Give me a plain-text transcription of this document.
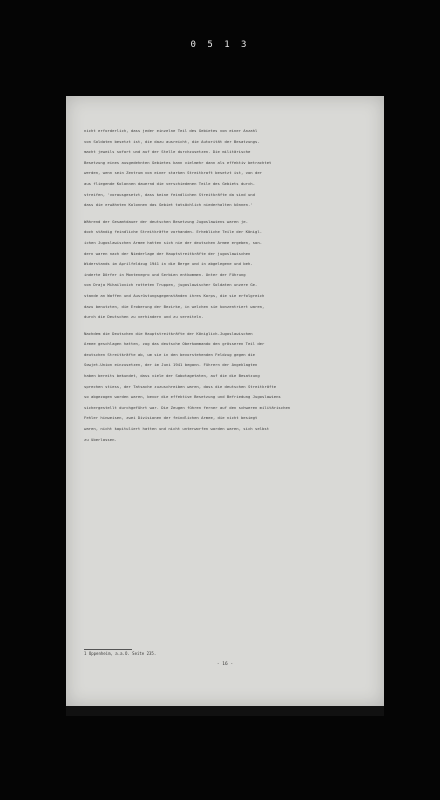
0 5 1 3
nicht erforderlich, dass jeder einzelne Teil des Gebietes von einer Anzahl
von Soldaten besetzt ist, die dazu ausreicht, die Autorität der Besatzungs-
macht jeweils sofort und auf der Stelle durchzusetzen. Die militärische
Besetzung eines ausgedehnten Gebietes kann vielmehr dann als effektiv betrachtet
werden, wenn sein Zentrum von einer starken Streitkraft besetzt ist, von der
aus fliegende Kolonnen dauernd die verschiedenen Teile des Gebiets durch-
streifen, 'vorausgesetzt, dass keine feindlichen Streitkräfte da sind und
dass die erwähnten Kolonnen das Gebiet tatsächlich niederhalten können.'
Während der Gesamtdauer der deutschen Besetzung Jugoslawiens waren je-
doch ständig feindliche Streitkräfte vorhanden. Erhebliche Teile der Königl-
ichen Jugoslawischen Armee hatten sich nie der deutschen Armee ergeben, son-
dern waren nach der Niederlage der Hauptstreitkräfte der jugoslawischen
Widerstands im Aprilfeldzug 1941 in die Berge und in abgelegene und beh-
inderte Dörfer in Montenegro und Serbien entkommen. Unter der Führung
von Draja Mihailovich rotteten Truppen, jugoslawischer Soldaten unzere Ge-
stande an Waffen und Ausrüstungsgegenständen ihres Korps, die sie erfolgreich
dazu benutzten, die Eroberung der Bezirke, in welchen sie konzentriert waren,
durch die Deutschen zu verhindern und zu vereiteln.
Nachdem die Deutschen die Hauptstreitkräfte der Königlich-Jugoslawischen
Armee geschlagen hatten, zog das deutsche Oberkommando den grösseren Teil der
deutschen Streitkräfte ab, um sie in den bevorstehenden Feldzug gegen die
Sowjet-Union einzusetzen, der im Juni 1941 begann. Führern der Angeklagten
haben bereits bekundet, dass viele der Sabotagetaten, auf die die Besatzung
sprechen stiess, der Tatsache zuzuschreiben waren, dass die deutschen Streitkräfte
so abgezogen worden waren, bevor die effektive Besetzung und Befriedung Jugoslawiens
sichergestellt durchgeführt war. Die Zeugen führen ferner auf den schweren militärischen
Fehler hinweisen, zwei Divisionen der feindlichen Armee, die nicht besiegt
waren, nicht kapituliert hatten und nicht unterworfen worden waren, sich selbst
zu überlassen.
1 Oppenheim, a.a.O. Seite 235.
- 16 -
